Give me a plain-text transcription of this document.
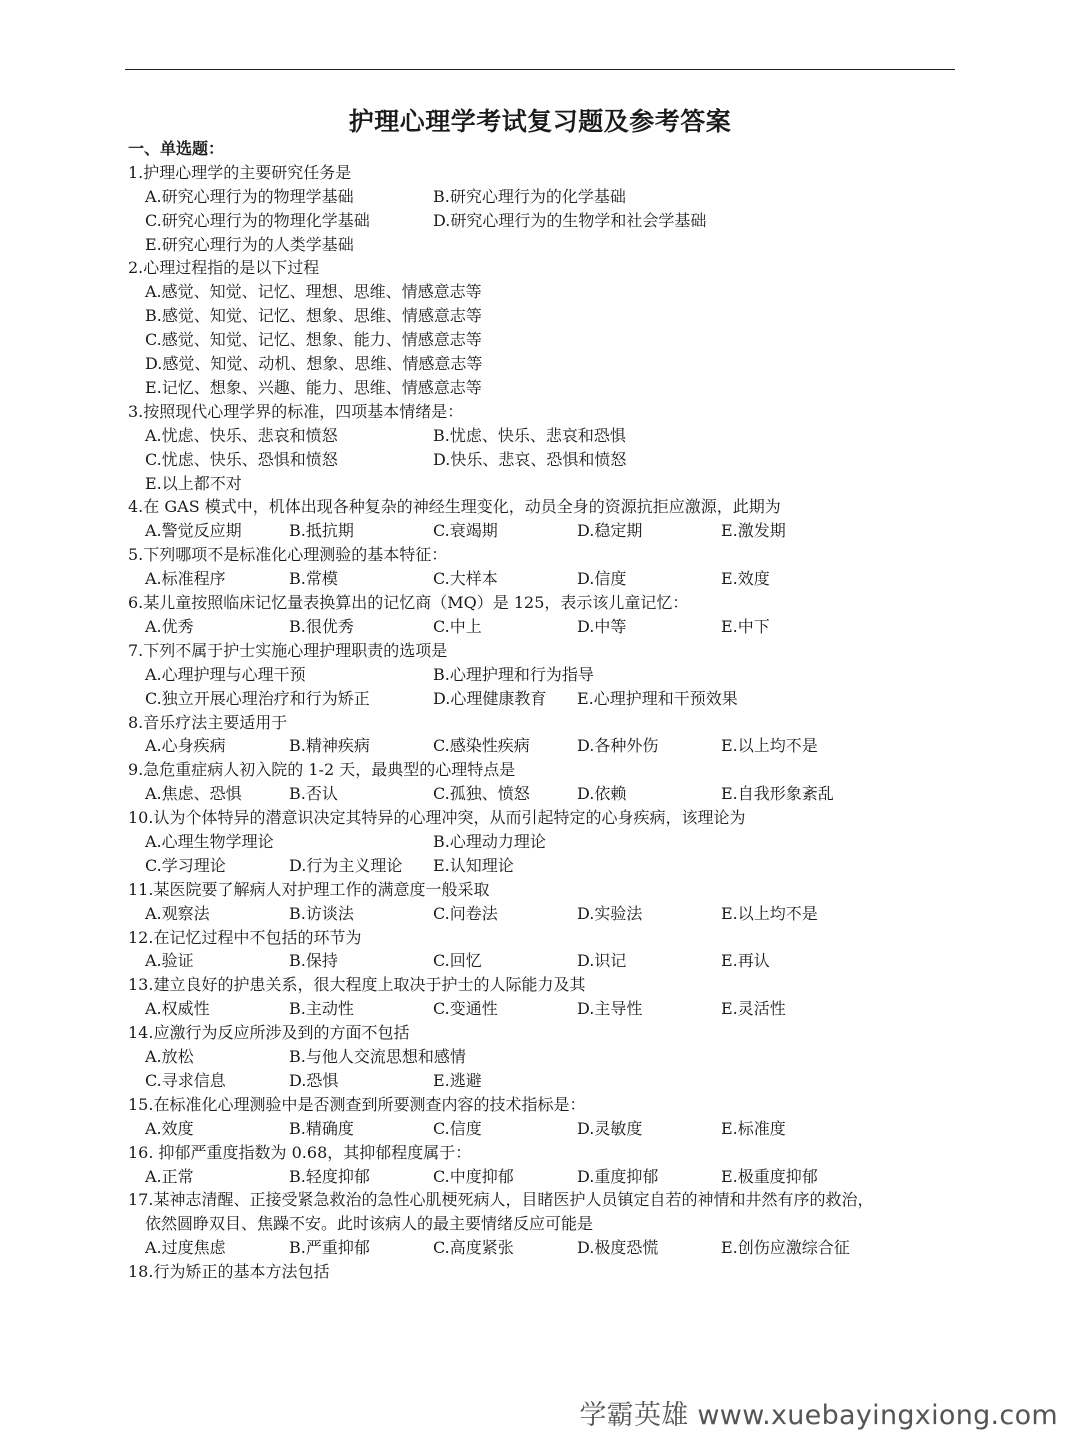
护理心理学考试复习题及参考答案
一、单选题：
1.护理心理学的主要研究任务是
A.研究心理行为的物理学基础	B.研究心理行为的化学基础
C.研究心理行为的物理化学基础	D.研究心理行为的生物学和社会学基础
E.研究心理行为的人类学基础
2.心理过程指的是以下过程
A.感觉、知觉、记忆、理想、思维、情感意志等
B.感觉、知觉、记忆、想象、思维、情感意志等
C.感觉、知觉、记忆、想象、能力、情感意志等
D.感觉、知觉、动机、想象、思维、情感意志等
E.记忆、想象、兴趣、能力、思维、情感意志等
3.按照现代心理学界的标准，四项基本情绪是：
A.忧虑、快乐、悲哀和愤怒	B.忧虑、快乐、悲哀和恐惧
C.忧虑、快乐、恐惧和愤怒	D.快乐、悲哀、恐惧和愤怒
E.以上都不对
4.在 GAS 模式中，机体出现各种复杂的神经生理变化，动员全身的资源抗拒应激源，此期为
A.警觉反应期	B.抵抗期	C.衰竭期	D.稳定期	E.激发期
5.下列哪项不是标准化心理测验的基本特征：
A.标准程序	B.常模	C.大样本	D.信度	E.效度
6.某儿童按照临床记忆量表换算出的记忆商（MQ）是 125，表示该儿童记忆：
A.优秀	B.很优秀	C.中上	D.中等	E.中下
7.下列不属于护士实施心理护理职责的选项是
A.心理护理与心理干预	B.心理护理和行为指导
C.独立开展心理治疗和行为矫正	D.心理健康教育 E.心理护理和干预效果
8.音乐疗法主要适用于
A.心身疾病	B.精神疾病	C.感染性疾病	D.各种外伤	E.以上均不是
9.急危重症病人初入院的 1-2 天，最典型的心理特点是
A.焦虑、恐惧	B.否认	C.孤独、愤怒	D.依赖	E.自我形象紊乱
10.认为个体特异的潜意识决定其特异的心理冲突，从而引起特定的心身疾病，该理论为
A.心理生物学理论	B.心理动力理论
C.学习理论	D.行为主义理论 E.认知理论
11.某医院要了解病人对护理工作的满意度一般采取
A.观察法	B.访谈法	C.问卷法	D.实验法	E.以上均不是
12.在记忆过程中不包括的环节为
A.验证	B.保持	C.回忆	D.识记	E.再认
13.建立良好的护患关系，很大程度上取决于护士的人际能力及其
A.权威性	B.主动性	C.变通性	D.主导性	E.灵活性
14.应激行为反应所涉及到的方面不包括
A.放松	B.与他人交流思想和感情
C.寻求信息	D.恐惧	E.逃避
15.在标准化心理测验中是否测查到所要测查内容的技术指标是：
A.效度	B.精确度	C.信度	D.灵敏度	E.标准度
16. 抑郁严重度指数为 0.68，其抑郁程度属于：
A.正常	B.轻度抑郁	C.中度抑郁	D.重度抑郁	E.极重度抑郁
17.某神志清醒、正接受紧急救治的急性心肌梗死病人，目睹医护人员镇定自若的神情和井然有序的救治，
依然圆睁双目、焦躁不安。此时该病人的最主要情绪反应可能是
A.过度焦虑	B.严重抑郁	C.高度紧张	D.极度恐慌	E.创伤应激综合征
18.行为矫正的基本方法包括
学霸英雄 www.xuebayingxiong.com
